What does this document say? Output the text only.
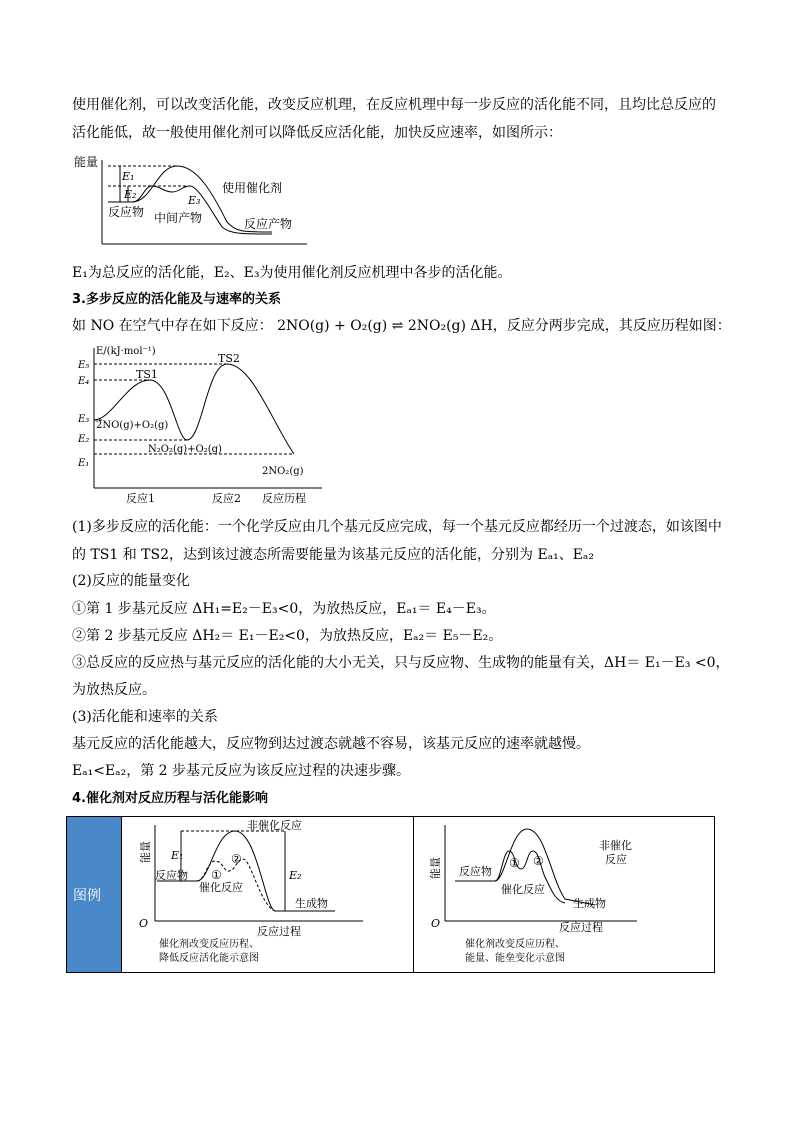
使用催化剂，可以改变活化能，改变反应机理，在反应机理中每一步反应的活化能不同，且均比总反应的
活化能低，故一般使用催化剂可以降低反应活化能，加快反应速率，如图所示：
能量
E₁
E₂	E₃
使用催化剂
反应物 中间产物	反应产物
E₁为总反应的活化能，E₂、E₃为使用催化剂反应机理中各步的活化能。
3.多步反应的活化能及与速率的关系
如 NO 在空气中存在如下反应： 2NO(g) + O₂(g) ⇌ 2NO₂(g) ΔH，反应分两步完成，其反应历程如图：
E/(kJ·mol⁻¹)
E₅
E₄
E₃
E₂
E₁
TS1
TS2
2NO(g)+O₂(g)
N₂O₂(g)+O₂(g)
2NO₂(g)
反应1	反应2 反应历程
(1)多步反应的活化能：一个化学反应由几个基元反应完成，每一个基元反应都经历一个过渡态，如该图中
的 TS1 和 TS2，达到该过渡态所需要能量为该基元反应的活化能，分别为 Eₐ₁、Eₐ₂
(2)反应的能量变化
①第 1 步基元反应 ΔH₁=E₂－E₃<0，为放热反应，Eₐ₁＝ E₄－E₃。
②第 2 步基元反应 ΔH₂＝ E₁－E₂<0，为放热反应，Eₐ₂＝ E₅－E₂。
③总反应的反应热与基元反应的活化能的大小无关，只与反应物、生成物的能量有关，ΔH＝ E₁－E₃ <0，
为放热反应。
(3)活化能和速率的关系
基元反应的活化能越大，反应物到达过渡态就越不容易，该基元反应的速率就越慢。
Eₐ₁<Eₐ₂，第 2 步基元反应为该反应过程的决速步骤。
4.催化剂对反应历程与活化能影响
图例
能量
O
非催化反应
E₁
E₂
①
②
反应物
催化反应
生成物
反应过程
催化剂改变反应历程、
降低反应活化能示意图
能量
O
非催化
反应
① ②
反应物
催化反应
生成物
反应过程
催化剂改变反应历程、
能量、能垒变化示意图
